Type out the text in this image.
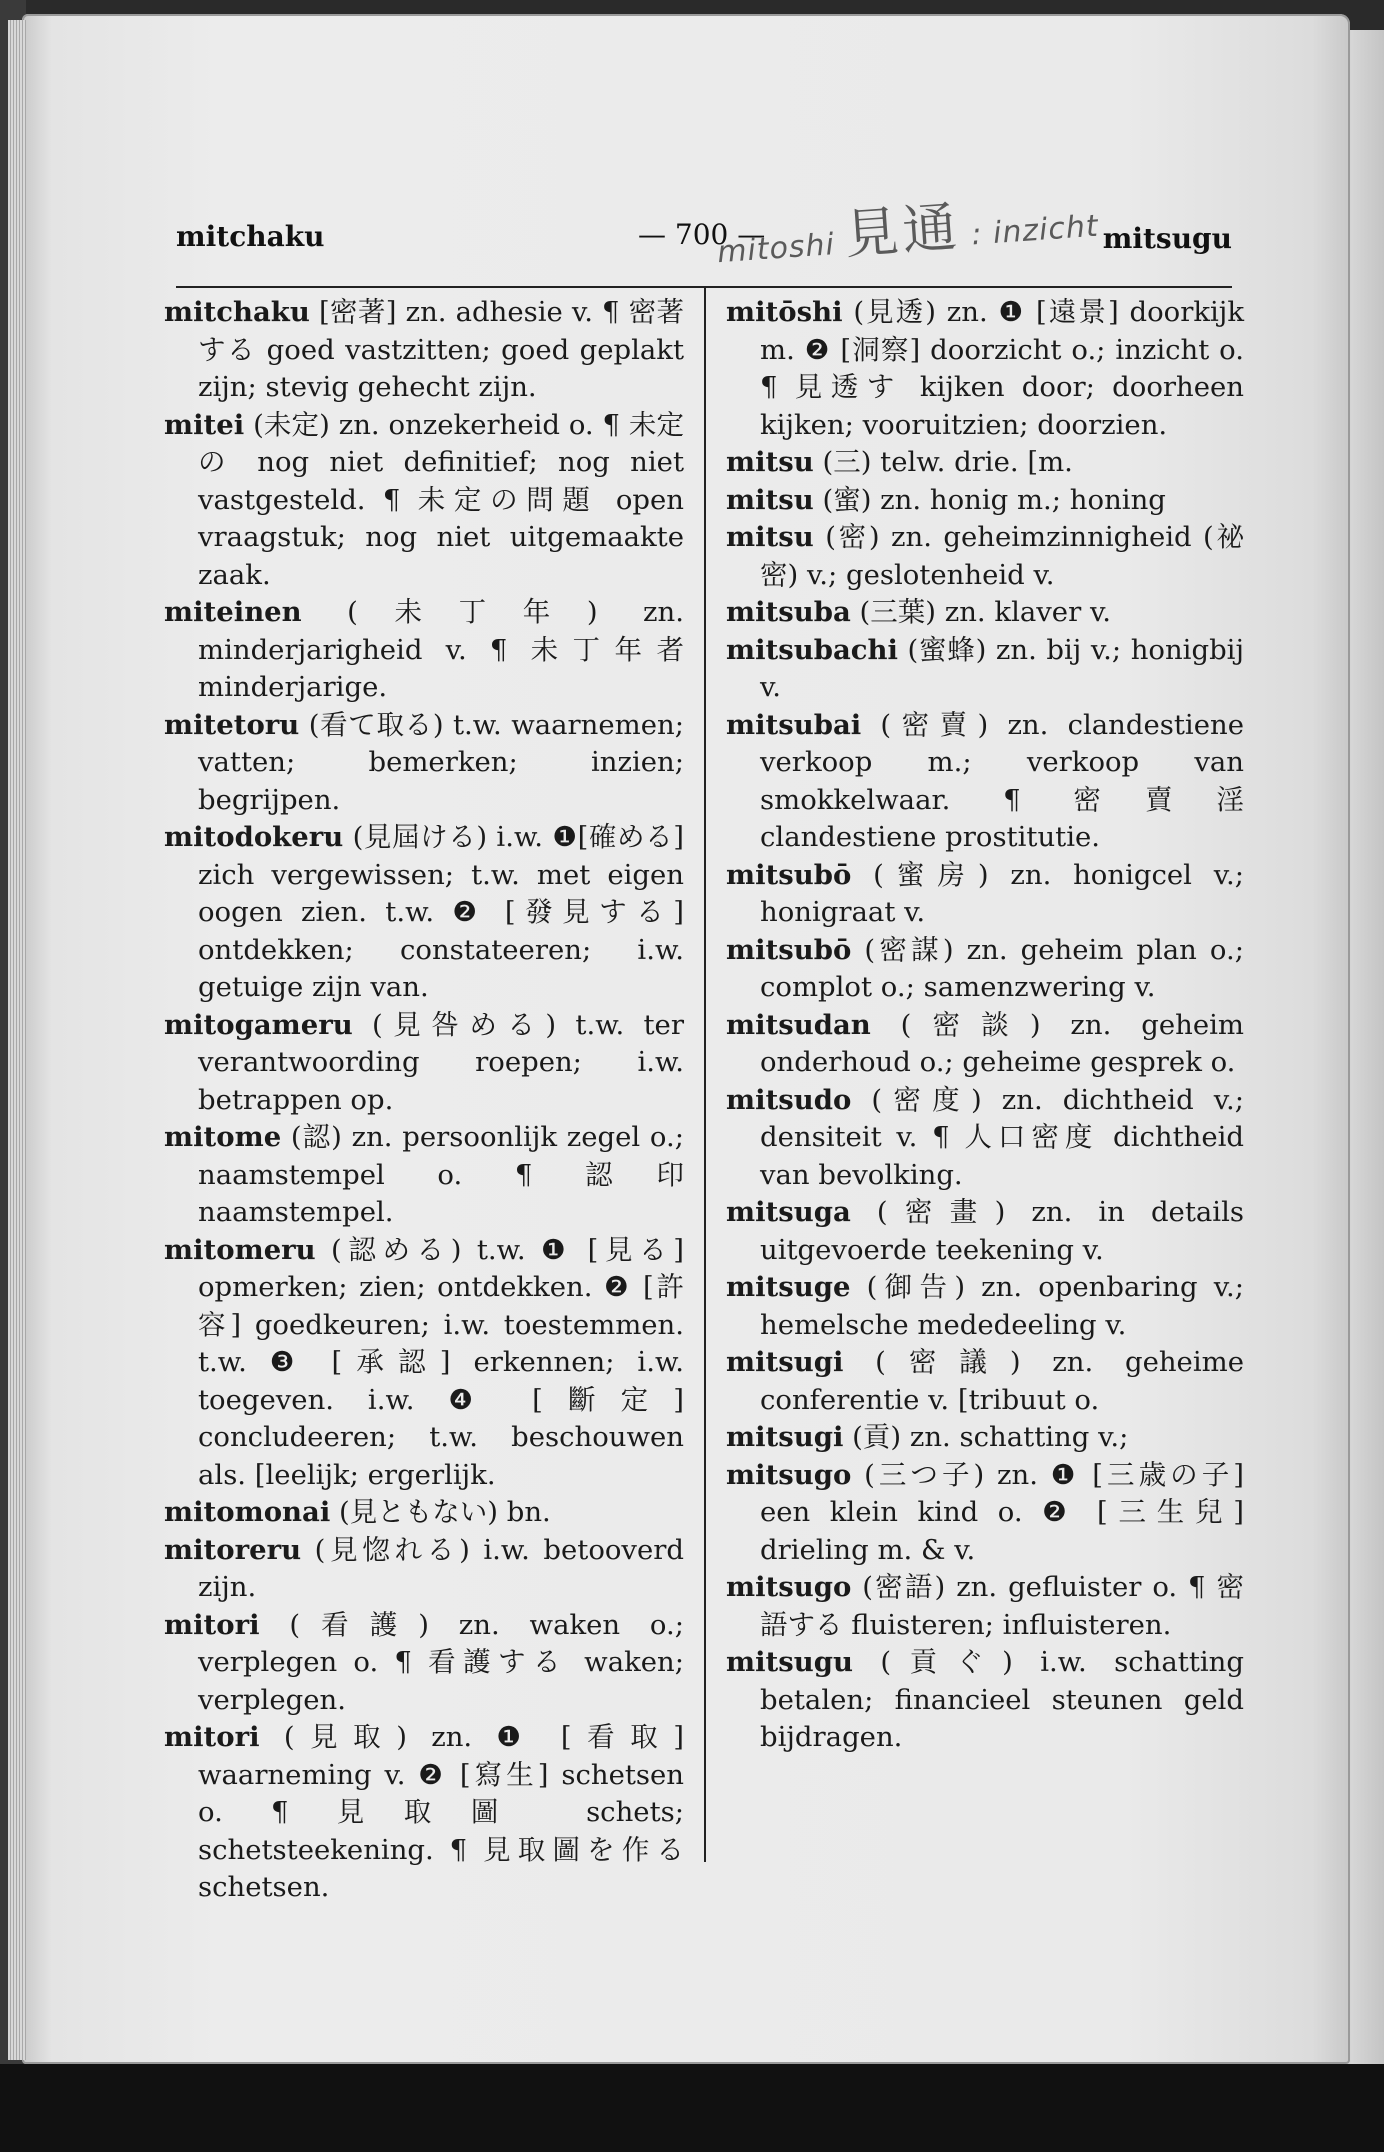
mitchaku	— 700 —	mitsugu
mitoshi 見通 : inzicht
mitchaku [密著] zn. adhesie v. ¶ 密著する goed vastzitten; goed geplakt zijn; stevig gehecht zijn.
mitei (未定) zn. onzekerheid o. ¶ 未定の nog niet definitief; nog niet vastgesteld. ¶ 未定の問題 open vraagstuk; nog niet uitgemaakte zaak.
miteinen (未丁年) zn. minderjarigheid v. ¶ 未丁年者 minderjarige.
mitetoru (看て取る) t.w. waarnemen; vatten; bemerken; inzien; begrijpen.
mitodokeru (見屆ける) i.w. ❶[確める] zich vergewissen; t.w. met eigen oogen zien. t.w. ❷ [發見する] ontdekken; constateeren; i.w. getuige zijn van.
mitogameru (見咎める) t.w. ter verantwoording roepen; i.w. betrappen op.
mitome (認) zn. persoonlijk zegel o.; naamstempel o. ¶ 認印 naamstempel.
mitomeru (認める) t.w. ❶ [見る] opmerken; zien; ontdekken. ❷ [許容] goedkeuren; i.w. toestemmen. t.w. ❸ [承認] erkennen; i.w. toegeven. i.w. ❹ [斷定] concludeeren; t.w. beschouwen als. [leelijk; ergerlijk.
mitomonai (見ともない) bn.
mitoreru (見惚れる) i.w. betooverd zijn.
mitori (看護) zn. waken o.; verplegen o. ¶ 看護する waken; verplegen.
mitori (見取) zn. ❶ [看取] waarneming v. ❷ [寫生] schetsen o. ¶ 見取圖 schets; schetsteekening. ¶ 見取圖を作る schetsen.
mitōshi (見透) zn. ❶ [遠景] doorkijk m. ❷ [洞察] doorzicht o.; inzicht o. ¶ 見透す kijken door; doorheen kijken; vooruitzien; doorzien.
mitsu (三) telw. drie. [m.
mitsu (蜜) zn. honig m.; honing
mitsu (密) zn. geheimzinnigheid (祕密) v.; geslotenheid v.
mitsuba (三葉) zn. klaver v.
mitsubachi (蜜蜂) zn. bij v.; honigbij v.
mitsubai (密賣) zn. clandestiene verkoop m.; verkoop van smokkelwaar. ¶ 密賣淫 clandestiene prostitutie.
mitsubō (蜜房) zn. honigcel v.; honigraat v.
mitsubō (密謀) zn. geheim plan o.; complot o.; samenzwering v.
mitsudan (密談) zn. geheim onderhoud o.; geheime gesprek o.
mitsudo (密度) zn. dichtheid v.; densiteit v. ¶ 人口密度 dichtheid van bevolking.
mitsuga (密畫) zn. in details uitgevoerde teekening v.
mitsuge (御告) zn. openbaring v.; hemelsche mededeeling v.
mitsugi (密議) zn. geheime conferentie v. [tribuut o.
mitsugi (貢) zn. schatting v.;
mitsugo (三つ子) zn. ❶ [三歳の子] een klein kind o. ❷ [三生兒] drieling m. & v.
mitsugo (密語) zn. gefluister o. ¶ 密語する fluisteren; influisteren.
mitsugu (貢ぐ) i.w. schatting betalen; financieel steunen geld bijdragen.
